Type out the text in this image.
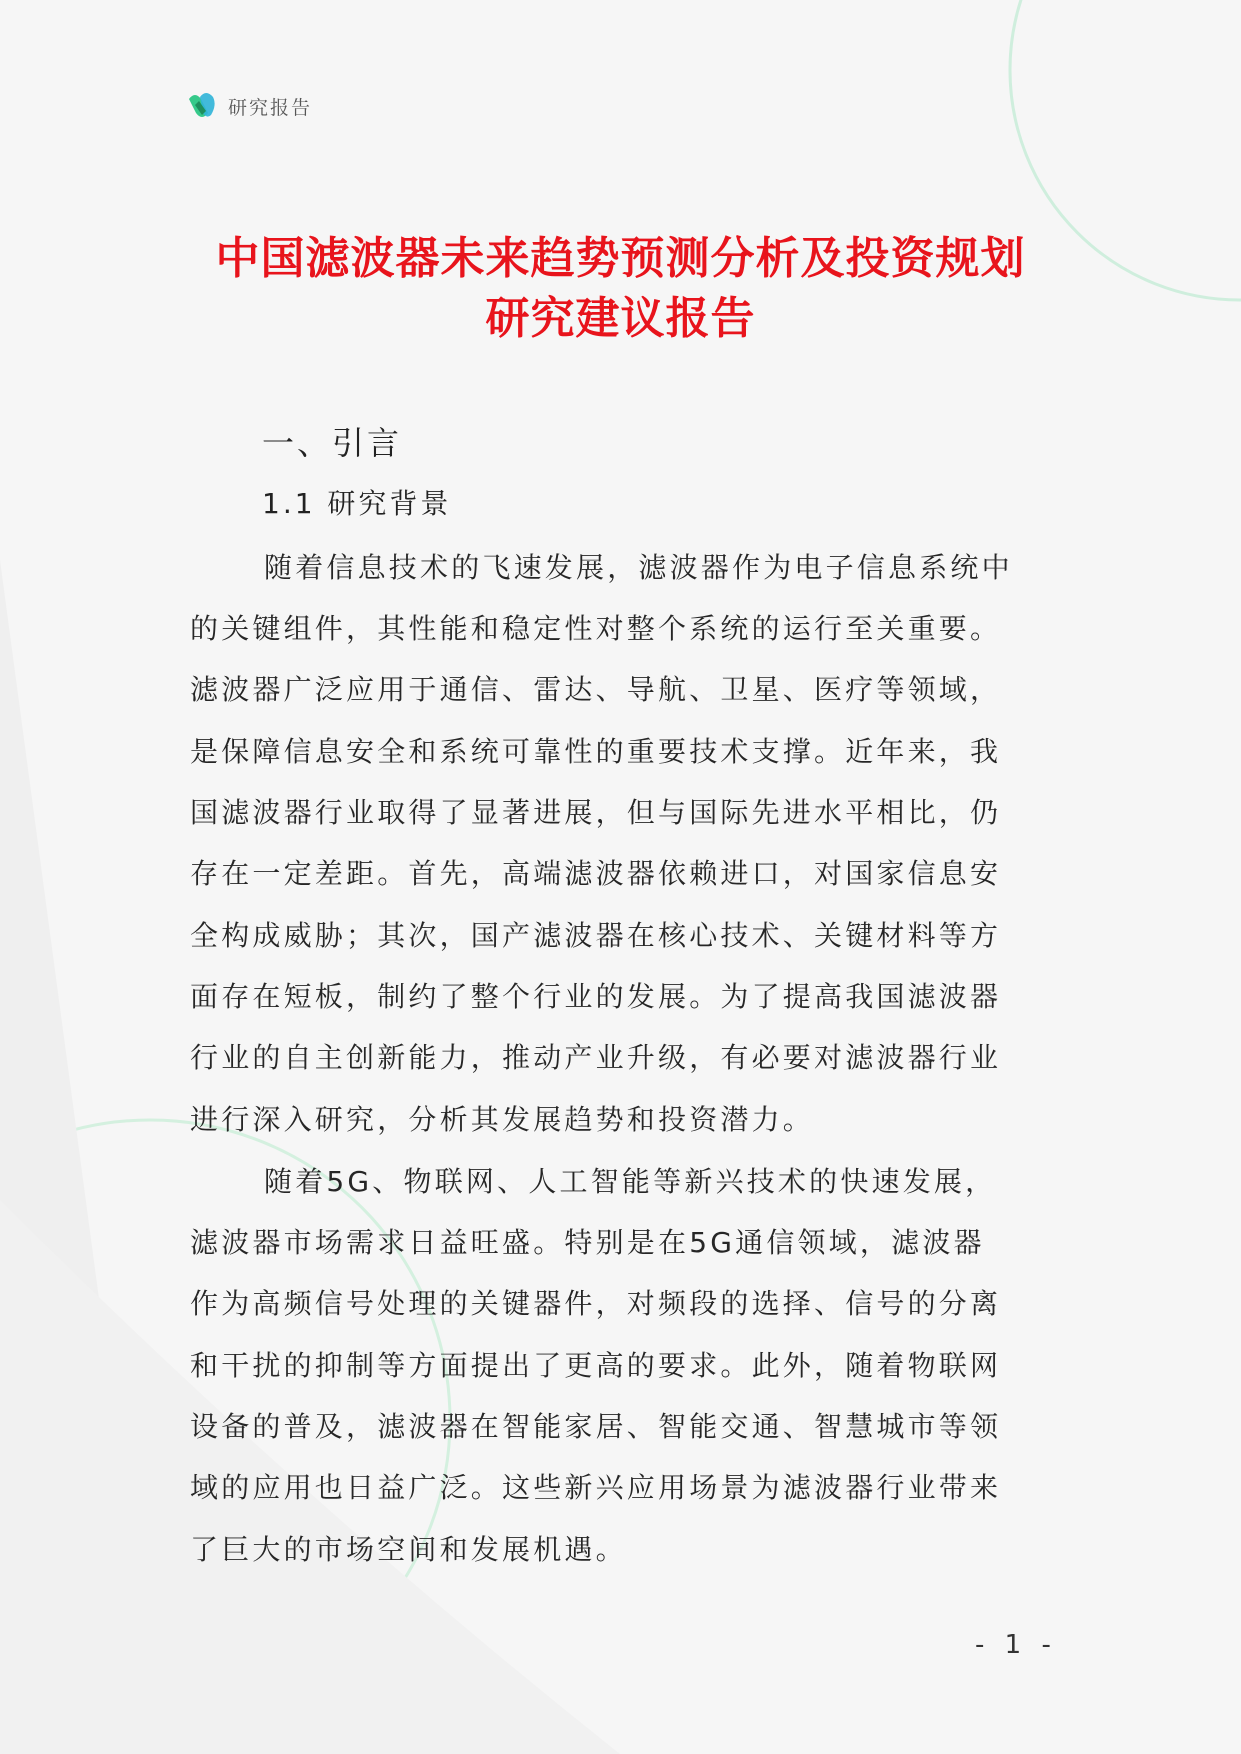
研究报告
中国滤波器未来趋势预测分析及投资规划
研究建议报告
一、引言
1.1 研究背景
随着信息技术的飞速发展，滤波器作为电子信息系统中
的关键组件，其性能和稳定性对整个系统的运行至关重要。
滤波器广泛应用于通信、雷达、导航、卫星、医疗等领域，
是保障信息安全和系统可靠性的重要技术支撑。近年来，我
国滤波器行业取得了显著进展，但与国际先进水平相比，仍
存在一定差距。首先，高端滤波器依赖进口，对国家信息安
全构成威胁；其次，国产滤波器在核心技术、关键材料等方
面存在短板，制约了整个行业的发展。为了提高我国滤波器
行业的自主创新能力，推动产业升级，有必要对滤波器行业
进行深入研究，分析其发展趋势和投资潜力。
随着5G、物联网、人工智能等新兴技术的快速发展，
滤波器市场需求日益旺盛。特别是在5G通信领域，滤波器
作为高频信号处理的关键器件，对频段的选择、信号的分离
和干扰的抑制等方面提出了更高的要求。此外，随着物联网
设备的普及，滤波器在智能家居、智能交通、智慧城市等领
域的应用也日益广泛。这些新兴应用场景为滤波器行业带来
了巨大的市场空间和发展机遇。
- 1 -
